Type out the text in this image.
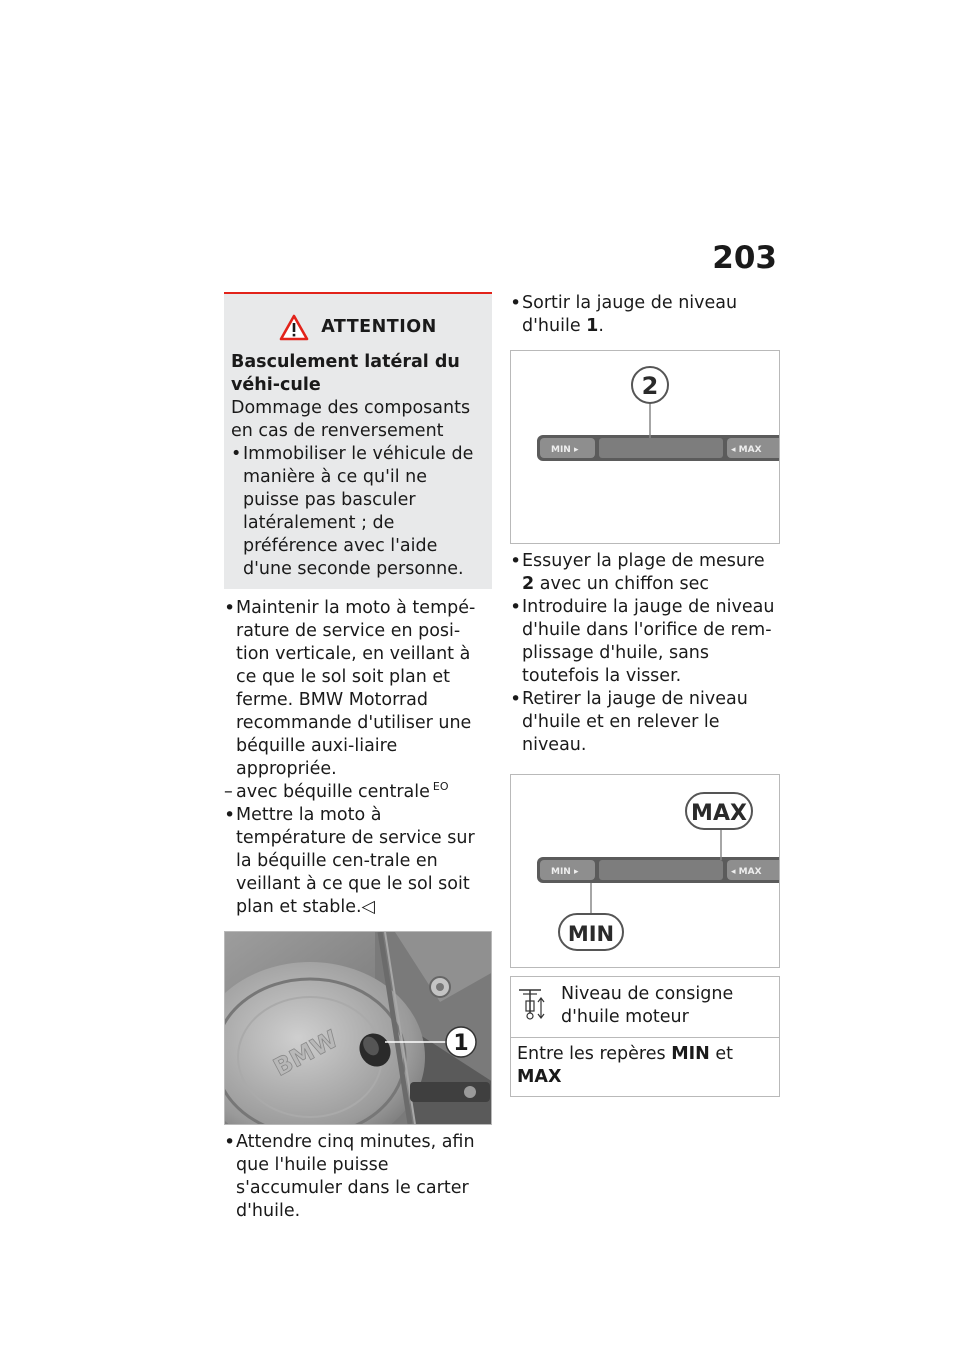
203
ATTENTION
Basculement latéral du véhi-cule
Dommage des composants en cas de renversement
• Immobiliser le véhicule de manière à ce qu'il ne puisse pas basculer latéralement ; de préférence avec l'aide d'une seconde personne.
• Maintenir la moto à tempé-rature de service en posi-tion verticale, en veillant à ce que le sol soit plan et ferme. BMW Motorrad recommande d'utiliser une béquille auxi-liaire appropriée.
– avec béquille centrale $^{EO}$
• Mettre la moto à température de service sur la béquille cen-trale en veillant à ce que le sol soit plan et stable.◁
BMW	1
• Attendre cinq minutes, afin que l'huile puisse s'accumuler dans le carter d'huile.
• Sortir la jauge de niveau d'huile 1.
MIN ▸	◂ MAX
2
• Essuyer la plage de mesure 2 avec un chiffon sec
• Introduire la jauge de niveau d'huile dans l'orifice de rem-plissage d'huile, sans toutefois la visser.
• Retirer la jauge de niveau d'huile et en relever le niveau.
MIN ▸	◂ MAX
MAX
MIN
Niveau de consigne d'huile moteur
Entre les repères MIN et
MAX
